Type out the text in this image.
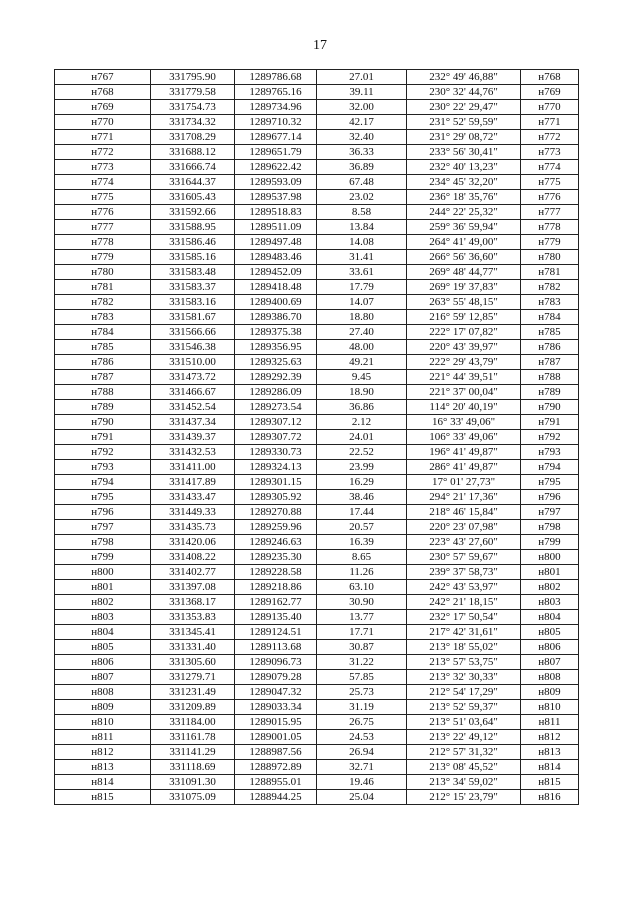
17
н767	331795.90	1289786.68	27.01	232° 49' 46,88"	н768
н768	331779.58	1289765.16	39.11	230° 32' 44,76"	н769
н769	331754.73	1289734.96	32.00	230° 22' 29,47"	н770
н770	331734.32	1289710.32	42.17	231° 52' 59,59"	н771
н771	331708.29	1289677.14	32.40	231° 29' 08,72"	н772
н772	331688.12	1289651.79	36.33	233° 56' 30,41"	н773
н773	331666.74	1289622.42	36.89	232° 40' 13,23"	н774
н774	331644.37	1289593.09	67.48	234° 45' 32,20"	н775
н775	331605.43	1289537.98	23.02	236° 18' 35,76"	н776
н776	331592.66	1289518.83	8.58	244° 22' 25,32"	н777
н777	331588.95	1289511.09	13.84	259° 36' 59,94"	н778
н778	331586.46	1289497.48	14.08	264° 41' 49,00"	н779
н779	331585.16	1289483.46	31.41	266° 56' 36,60"	н780
н780	331583.48	1289452.09	33.61	269° 48' 44,77"	н781
н781	331583.37	1289418.48	17.79	269° 19' 37,83"	н782
н782	331583.16	1289400.69	14.07	263° 55' 48,15"	н783
н783	331581.67	1289386.70	18.80	216° 59' 12,85"	н784
н784	331566.66	1289375.38	27.40	222° 17' 07,82"	н785
н785	331546.38	1289356.95	48.00	220° 43' 39,97"	н786
н786	331510.00	1289325.63	49.21	222° 29' 43,79"	н787
н787	331473.72	1289292.39	9.45	221° 44' 39,51"	н788
н788	331466.67	1289286.09	18.90	221° 37' 00,04"	н789
н789	331452.54	1289273.54	36.86	114° 20' 40,19"	н790
н790	331437.34	1289307.12	2.12	16° 33' 49,06"	н791
н791	331439.37	1289307.72	24.01	106° 33' 49,06"	н792
н792	331432.53	1289330.73	22.52	196° 41' 49,87"	н793
н793	331411.00	1289324.13	23.99	286° 41' 49,87"	н794
н794	331417.89	1289301.15	16.29	17° 01' 27,73"	н795
н795	331433.47	1289305.92	38.46	294° 21' 17,36"	н796
н796	331449.33	1289270.88	17.44	218° 46' 15,84"	н797
н797	331435.73	1289259.96	20.57	220° 23' 07,98"	н798
н798	331420.06	1289246.63	16.39	223° 43' 27,60"	н799
н799	331408.22	1289235.30	8.65	230° 57' 59,67"	н800
н800	331402.77	1289228.58	11.26	239° 37' 58,73"	н801
н801	331397.08	1289218.86	63.10	242° 43' 53,97"	н802
н802	331368.17	1289162.77	30.90	242° 21' 18,15"	н803
н803	331353.83	1289135.40	13.77	232° 17' 50,54"	н804
н804	331345.41	1289124.51	17.71	217° 42' 31,61"	н805
н805	331331.40	1289113.68	30.87	213° 18' 55,02"	н806
н806	331305.60	1289096.73	31.22	213° 57' 53,75"	н807
н807	331279.71	1289079.28	57.85	213° 32' 30,33"	н808
н808	331231.49	1289047.32	25.73	212° 54' 17,29"	н809
н809	331209.89	1289033.34	31.19	213° 52' 59,37"	н810
н810	331184.00	1289015.95	26.75	213° 51' 03,64"	н811
н811	331161.78	1289001.05	24.53	213° 22' 49,12"	н812
н812	331141.29	1288987.56	26.94	212° 57' 31,32"	н813
н813	331118.69	1288972.89	32.71	213° 08' 45,52"	н814
н814	331091.30	1288955.01	19.46	213° 34' 59,02"	н815
н815	331075.09	1288944.25	25.04	212° 15' 23,79"	н816
